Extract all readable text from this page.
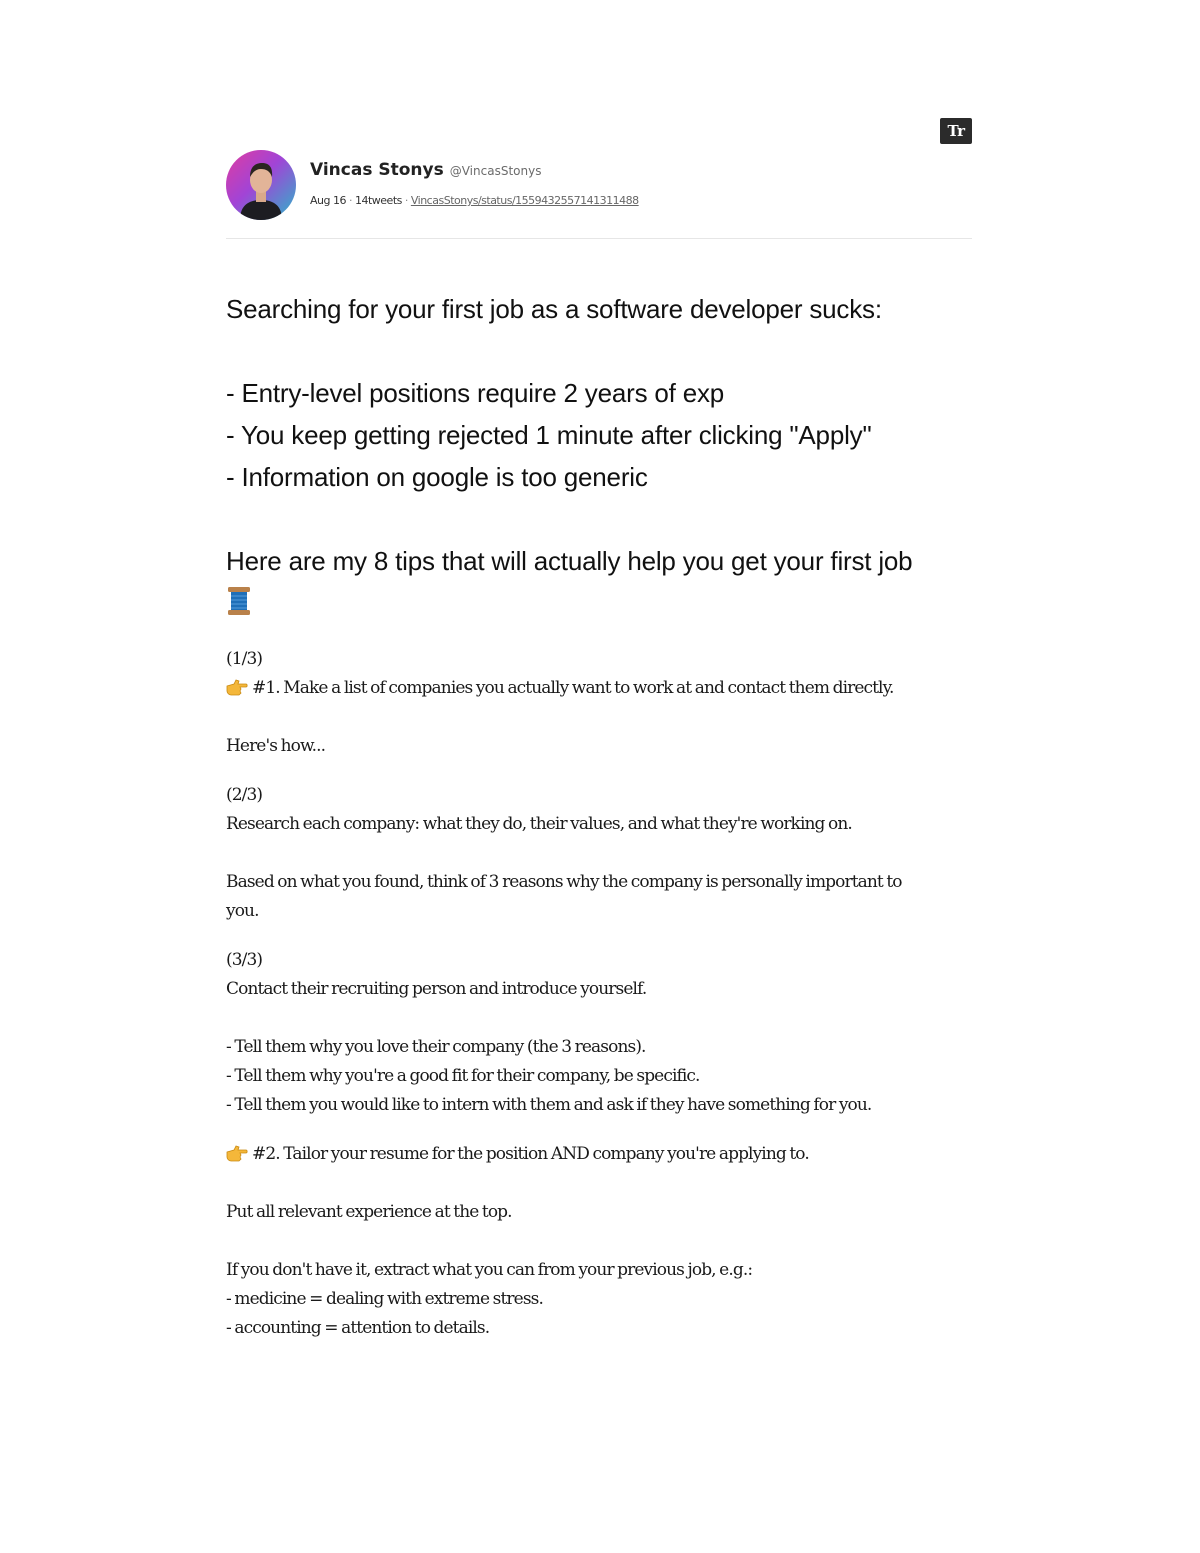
Tr
Vincas Stonys @VincasStonys
Aug 16 · 14tweets · VincasStonys/status/1559432557141311488
Searching for your first job as a software developer sucks:
- Entry-level positions require 2 years of exp
- You keep getting rejected 1 minute after clicking "Apply"
- Information on google is too generic
Here are my 8 tips that will actually help you get your first job
(1/3)
#1. Make a list of companies you actually want to work at and contact them directly.
Here's how...
(2/3)
Research each company: what they do, their values, and what they're working on.
Based on what you found, think of 3 reasons why the company is personally important to
you.
(3/3)
Contact their recruiting person and introduce yourself.
- Tell them why you love their company (the 3 reasons).
- Tell them why you're a good fit for their company, be specific.
- Tell them you would like to intern with them and ask if they have something for you.
#2. Tailor your resume for the position AND company you're applying to.
Put all relevant experience at the top.
If you don't have it, extract what you can from your previous job, e.g.:
- medicine = dealing with extreme stress.
- accounting = attention to details.
